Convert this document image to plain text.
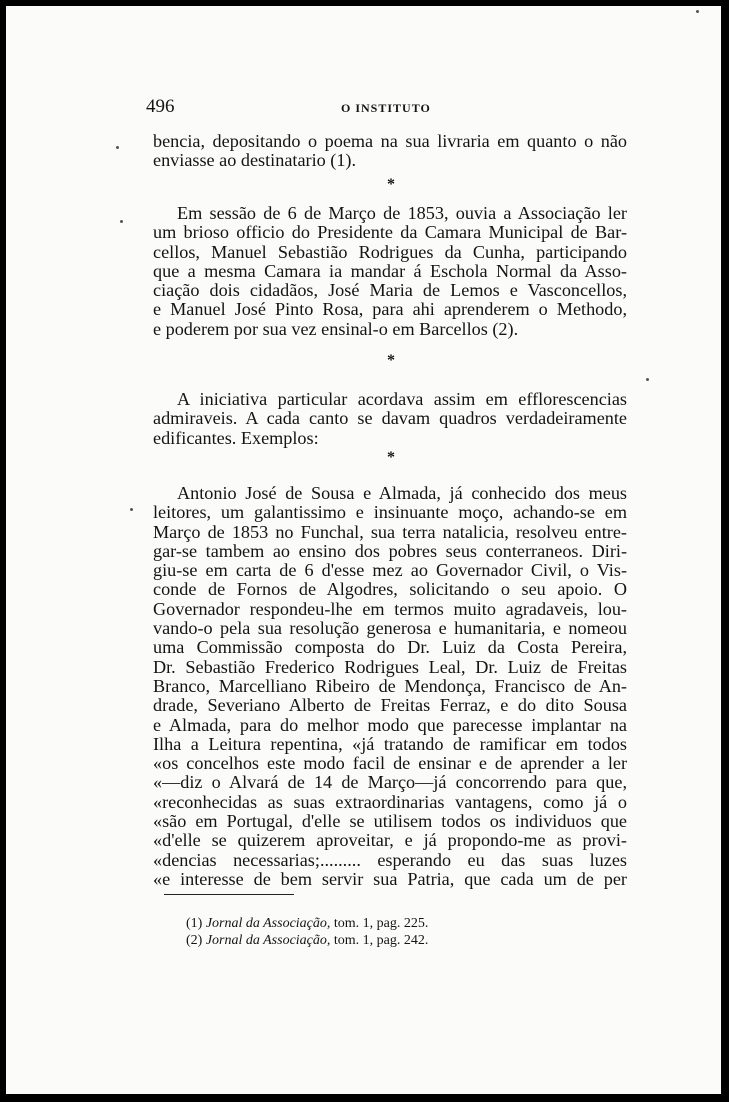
496	O INSTITUTO
bencia, depositando o poema na sua livraria em quanto o não
enviasse ao destinatario (1).
*
Em sessão de 6 de Março de 1853, ouvia a Associação ler
um brioso officio do Presidente da Camara Municipal de Bar-
cellos, Manuel Sebastião Rodrigues da Cunha, participando
que a mesma Camara ia mandar á Escholа Normal da Asso-
ciação dois cidadãos, José Maria de Lemos e Vasconcellos,
e Manuel José Pinto Rosa, para ahi aprenderem o Methodo,
e poderem por sua vez ensinal-o em Barcellos (2).
*
A iniciativa particular acordava assim em efflorescencias
admiraveis. A cada canto se davam quadros verdadeiramente
edificantes. Exemplos:
*
Antonio José de Sousa e Almada, já conhecido dos meus
leitores, um galantissimo e insinuante moço, achando-se em
Março de 1853 no Funchal, sua terra natalicia, resolveu entre-
gar-se tambem ao ensino dos pobres seus conterraneos. Diri-
giu-se em carta de 6 d'esse mez ao Governador Civil, o Vis-
conde de Fornos de Algodres, solicitando o seu apoio. O
Governador respondeu-lhe em termos muito agradaveis, lou-
vando-o pela sua resolução generosa e humanitaria, e nomeou
uma Commissão composta do Dr. Luiz da Costa Pereira,
Dr. Sebastião Frederico Rodrigues Leal, Dr. Luiz de Freitas
Branco, Marcelliano Ribeiro de Mendonça, Francisco de An-
drade, Severiano Alberto de Freitas Ferraz, e do dito Sousa
e Almada, para do melhor modo que parecesse implantar na
Ilha a Leitura repentina, «já tratando de ramificar em todos
«os concelhos este modo facil de ensinar e de aprender a ler
«—diz o Alvará de 14 de Março—já concorrendo para que,
«reconhecidas as suas extraordinarias vantagens, como já o
«são em Portugal, d'elle se utilisem todos os individuos que
«d'elle se quizerem aproveitar, e já propondo-me as provi-
«dencias necessarias;......... esperando eu das suas luzes
«e interesse de bem servir sua Patria, que cada um de per
(1) Jornal da Associação, tom. 1, pag. 225.
(2) Jornal da Associação, tom. 1, pag. 242.
